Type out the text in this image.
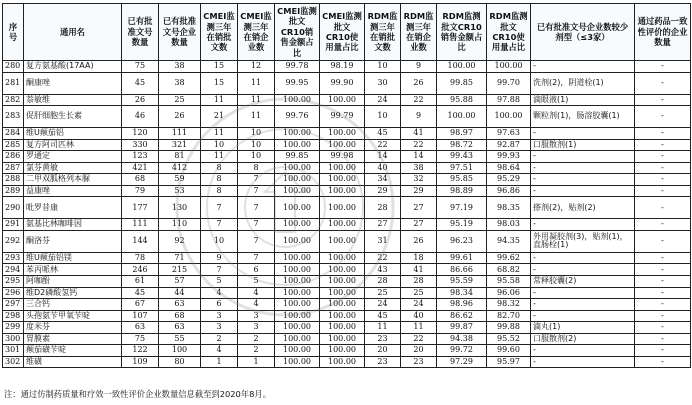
序号	通用名	已有批准文号数量	已有批准文号企业数量	CMEI监测三年在销批文数	CMEI监测三年在销企业数	CMEI监测批文CR10销售金额占比	CMEI监测批文CR10使用量占比	RDM监测三年在销批文数	RDM监测三年在销企业数	RDM监测批文CR10销售金额占比	RDM监测批文CR10使用量占比	已有批准文号企业数较少剂型（≤3家）	通过药品一致性评价的企业数量
280	复方氨基酸(17AA)	75	38	15	12	99.78	98.19	10	9	100.00	100.00	-	-
281	酮康唑	45	38	15	11	99.95	99.90	30	26	99.85	99.70	洗剂(2)，阴道栓(1)	-
282	萘敏维	26	25	11	11	100.00	100.00	24	22	95.88	97.88	滴眼液(1)	-
283	促肝细胞生长素	46	26	21	11	99.76	99.79	10	9	100.00	100.00	颗粒剂(1)，肠溶胶囊(1)	-
284	维U颠茄铝	120	111	11	10	100.00	100.00	45	41	98.97	97.63	-	-
285	复方阿司匹林	330	321	10	10	100.00	100.00	22	22	98.72	92.87	口服散剂(1)	-
286	罗通定	123	81	11	10	99.85	99.98	14	14	99.43	99.93	-	-
287	氯芬黄敏	421	412	8	8	100.00	100.00	40	38	97.51	98.64	-	-
288	二甲双胍格列本脲	68	59	8	7	100.00	100.00	34	32	95.85	95.29	-	-
289	益康唑	79	53	8	7	100.00	100.00	29	29	98.89	96.86	-	-
290	吡罗昔康	177	130	7	7	100.00	100.00	28	27	97.19	98.35	搽剂(2)，贴剂(2)	-
291	氨基比林咖啡因	111	110	7	7	100.00	100.00	27	27	95.19	98.03	-	-
292	酮洛芬	144	92	10	7	100.00	100.00	31	26	96.23	94.35	外用凝胶剂(3)，贴剂(1)，直肠栓(1)	-
293	维U颠茄铝镁	78	71	9	7	100.00	100.00	22	18	99.61	99.62	-	-
294	苯丙哌林	246	215	7	6	100.00	100.00	43	41	86.66	68.82	-	-
295	阿咖酚	61	57	5	5	100.00	100.00	28	28	95.59	95.58	常释胶囊(2)	-
296	维D2磷酸氢钙	45	44	4	4	100.00	100.00	25	25	98.34	96.06	-	-
297	三合钙	67	63	6	4	100.00	100.00	24	24	98.96	98.32	-	-
298	头孢氨苄甲氧苄啶	107	68	3	3	100.00	100.00	45	40	86.62	82.70	-	-
299	度米芬	63	63	3	3	100.00	100.00	11	11	99.87	99.88	滴丸(1)	-
300	胃膜素	75	55	2	2	100.00	100.00	23	22	94.38	95.52	口服散剂(2)	-
301	颠茄磺苄啶	122	100	4	2	100.00	100.00	20	20	99.72	99.60	-	-
302	维磺	109	80	1	1	100.00	100.00	23	23	97.29	95.97	-	-
注：通过仿制药质量和疗效一致性评价企业数量信息截至到2020年8月。
